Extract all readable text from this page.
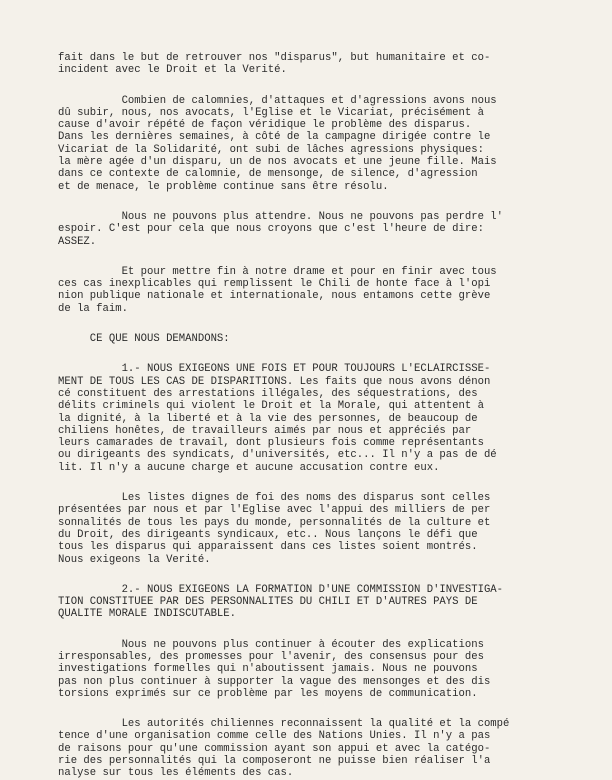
fait dans le but de retrouver nos "disparus", but humanitaire et co-
incident avec le Droit et la Verité.

Combien de calomnies, d'attaques et d'agressions avons nous
dû subir, nous, nos avocats, l'Eglise et le Vicariat, précisément à
cause d'avoir répété de façon véridique le problème des disparus.
Dans les dernières semaines, à côté de la campagne dirigée contre le
Vicariat de la Solidarité, ont subi de lâches agressions physiques:
la mère agée d'un disparu, un de nos avocats et une jeune fille. Mais
dans ce contexte de calomnie, de mensonge, de silence, d'agression
et de menace, le problème continue sans être résolu.

Nous ne pouvons plus attendre. Nous ne pouvons pas perdre l'
espoir. C'est pour cela que nous croyons que c'est l'heure de dire:
ASSEZ.

Et pour mettre fin à notre drame et pour en finir avec tous
ces cas inexplicables qui remplissent le Chili de honte face à l'opi
nion publique nationale et internationale, nous entamons cette grève
de la faim.

CE QUE NOUS DEMANDONS:

1.- NOUS EXIGEONS UNE FOIS ET POUR TOUJOURS L'ECLAIRCISSE-
MENT DE TOUS LES CAS DE DISPARITIONS. Les faits que nous avons dénon
cé constituent des arrestations illégales, des séquestrations, des
délits criminels qui violent le Droit et la Morale, qui attentent à
la dignité, à la liberté et à la vie des personnes, de beaucoup de
chiliens honêtes, de travailleurs aimés par nous et appréciés par
leurs camarades de travail, dont plusieurs fois comme représentants
ou dirigeants des syndicats, d'universités, etc... Il n'y a pas de dé
lit. Il n'y a aucune charge et aucune accusation contre eux.

Les listes dignes de foi des noms des disparus sont celles
présentées par nous et par l'Eglise avec l'appui des milliers de per
sonnalités de tous les pays du monde, personnalités de la culture et
du Droit, des dirigeants syndicaux, etc.. Nous lançons le défi que
tous les disparus qui apparaissent dans ces listes soient montrés.
Nous exigeons la Verité.

2.- NOUS EXIGEONS LA FORMATION D'UNE COMMISSION D'INVESTIGA-
TION CONSTITUEE PAR DES PERSONNALITES DU CHILI ET D'AUTRES PAYS DE
QUALITE MORALE INDISCUTABLE.

Nous ne pouvons plus continuer à écouter des explications
irresponsables, des promesses pour l'avenir, des consensus pour des
investigations formelles qui n'aboutissent jamais. Nous ne pouvons
pas non plus continuer à supporter la vague des mensonges et des dis
torsions exprimés sur ce problème par les moyens de communication.

Les autorités chiliennes reconnaissent la qualité et la compé
tence d'une organisation comme celle des Nations Unies. Il n'y a pas
de raisons pour qu'une commission ayant son appui et avec la catégo-
rie des personnalités qui la composeront ne puisse bien réaliser l'a
nalyse sur tous les éléments des cas.
